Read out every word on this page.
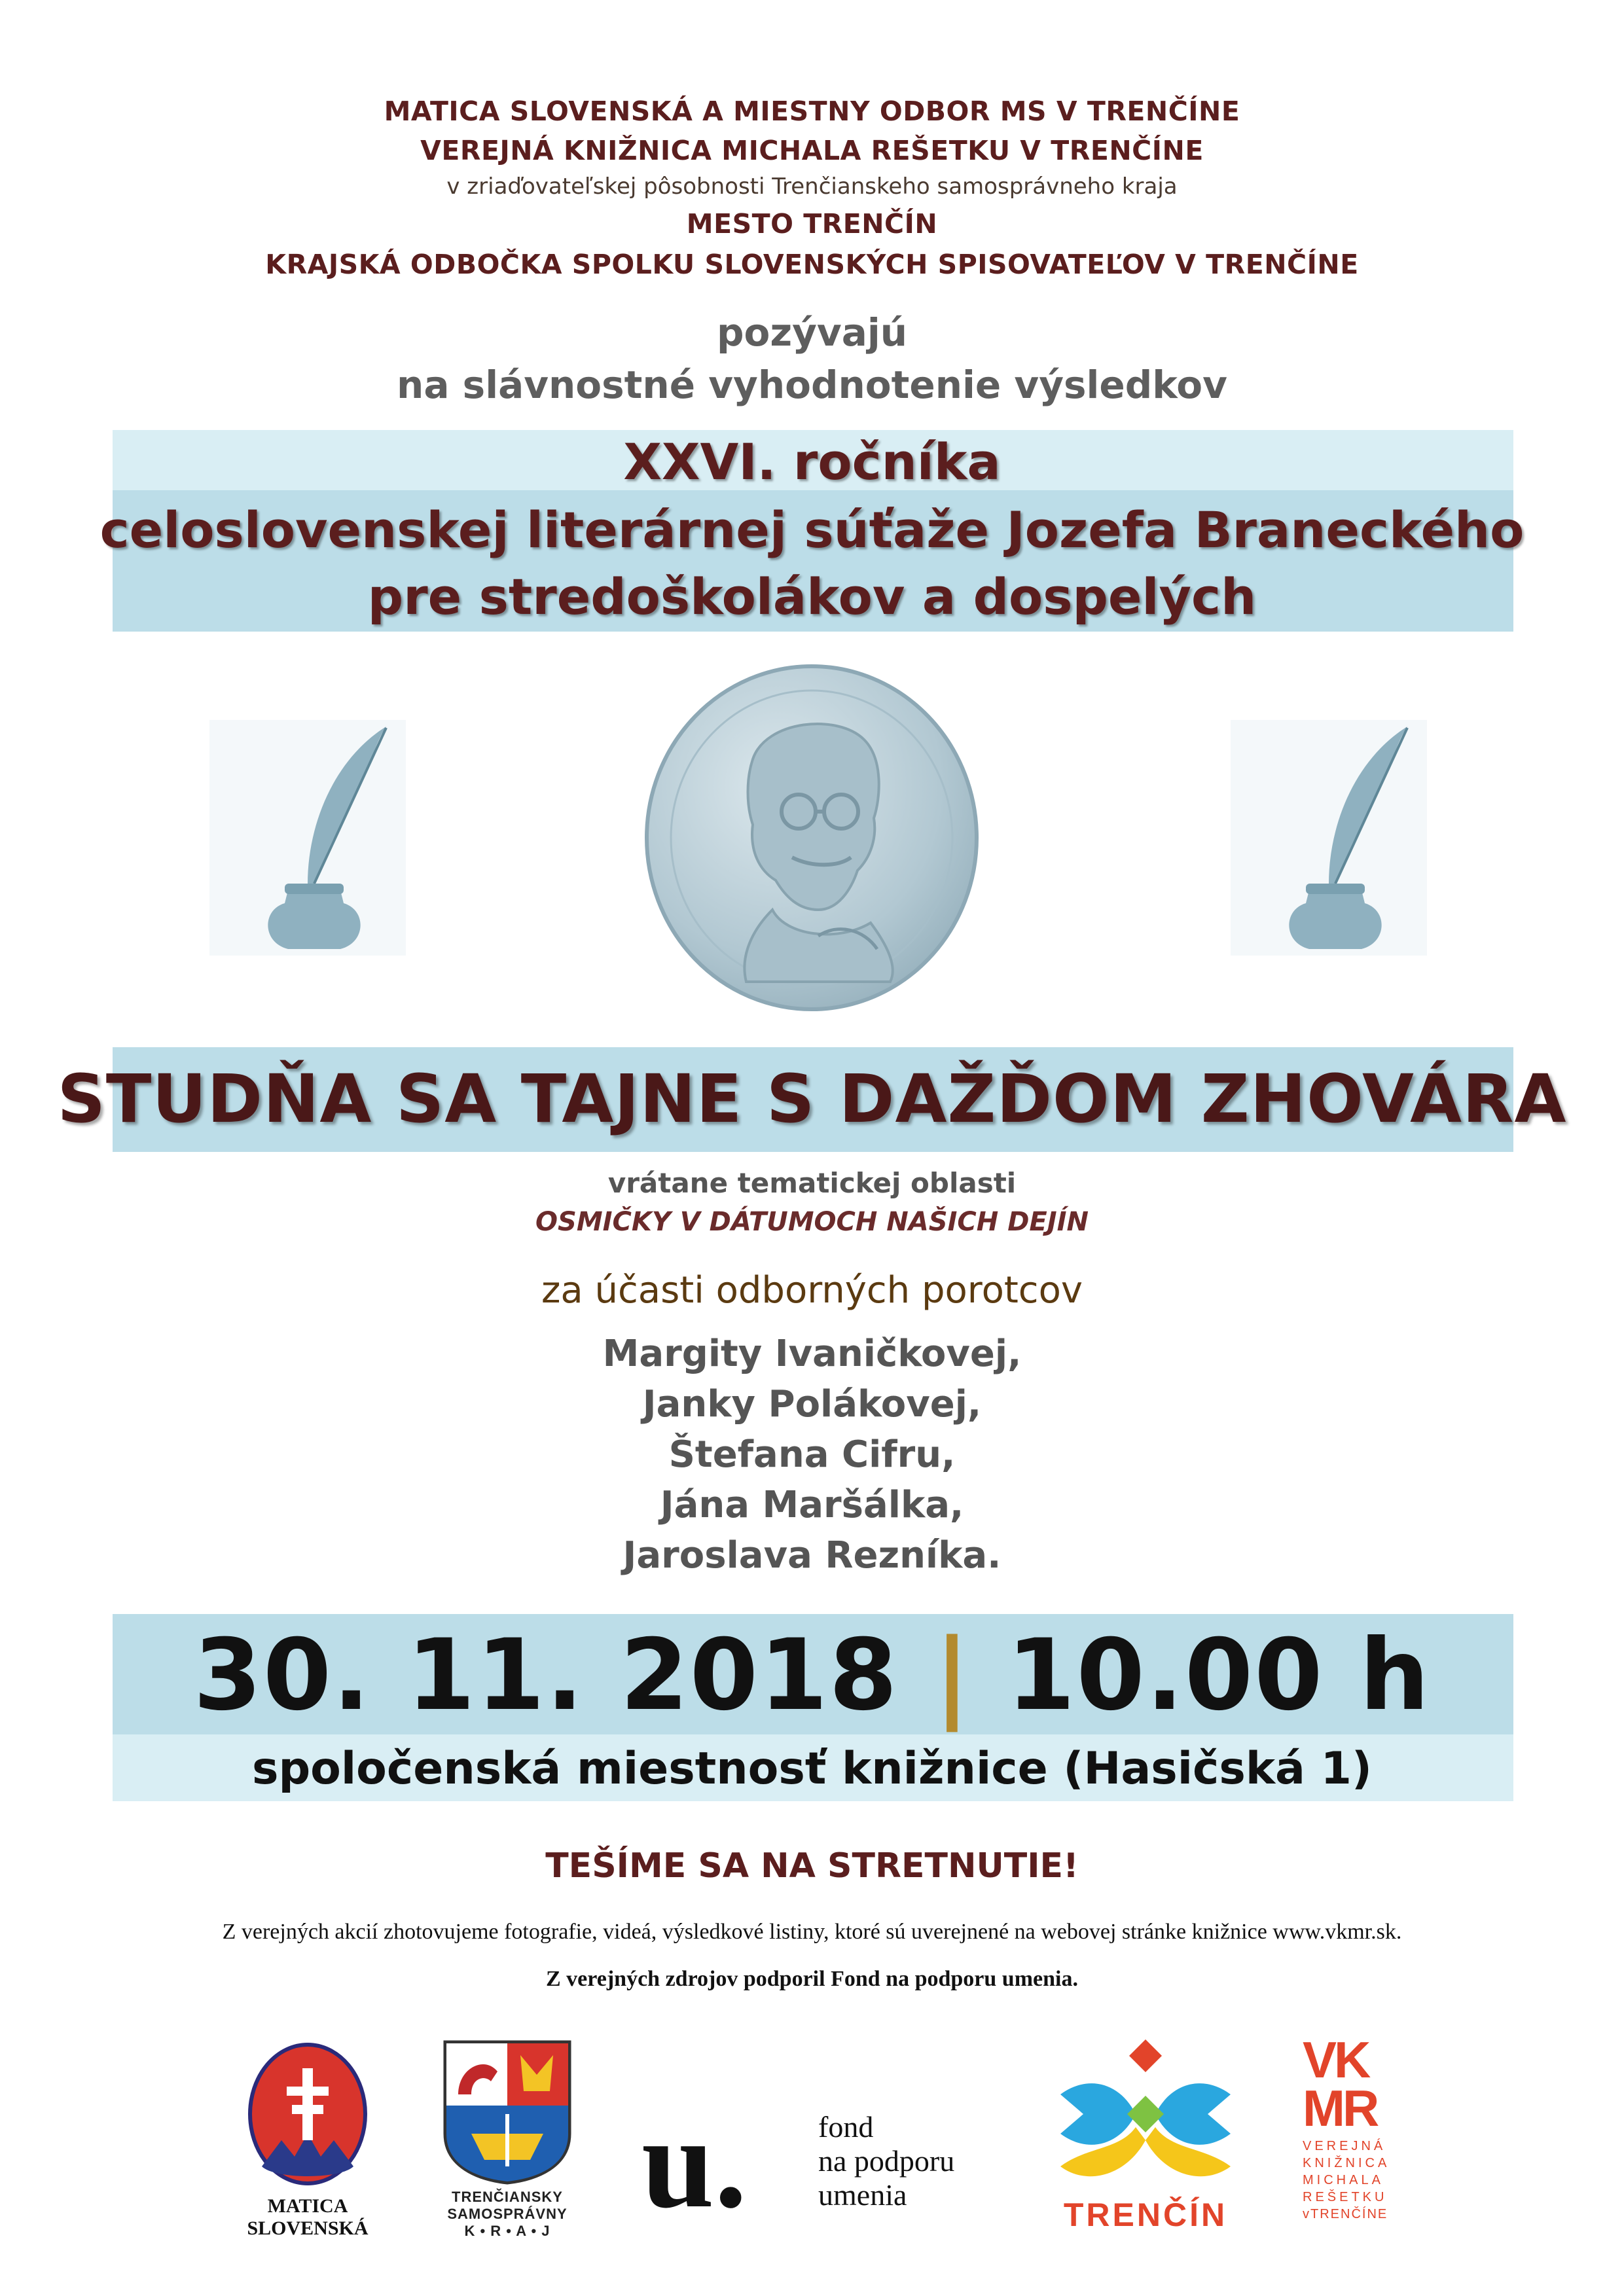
MATICA SLOVENSKÁ A MIESTNY ODBOR MS V TRENČÍNE
VEREJNÁ KNIŽNICA MICHALA REŠETKU V TRENČÍNE
v zriaďovateľskej pôsobnosti Trenčianskeho samosprávneho kraja
MESTO TRENČÍN
KRAJSKÁ ODBOČKA SPOLKU SLOVENSKÝCH SPISOVATEĽOV V TRENČÍNE
pozývajú
na slávnostné vyhodnotenie výsledkov
XXVI. ročníka
celoslovenskej literárnej súťaže Jozefa Braneckého
pre stredoškolákov a dospelých
STUDŇA SA TAJNE S DAŽĎOM ZHOVÁRA
vrátane tematickej oblasti
OSMIČKY V DÁTUMOCH NAŠICH DEJÍN
za účasti odborných porotcov
Margity Ivaničkovej,
Janky Polákovej,
Štefana Cifru,
Jána Maršálka,
Jaroslava Rezníka.
30. 11. 2018 | 10.00 h
spoločenská miestnosť knižnice (Hasičská 1)
TEŠÍME SA NA STRETNUTIE!
Z verejných akcií zhotovujeme fotografie, videá, výsledkové listiny, ktoré sú uverejnené na webovej stránke knižnice www.vkmr.sk.
Z verejných zdrojov podporil Fond na podporu umenia.
MATICA
SLOVENSKÁ
TRENČIANSKY
SAMOSPRÁVNY
K • R • A • J u. fond
na podporu
umenia
TRENČÍN
VK
MR
VEREJNÁ
KNIŽNICA
MICHALA
REŠETKU
vTRENČÍNE
